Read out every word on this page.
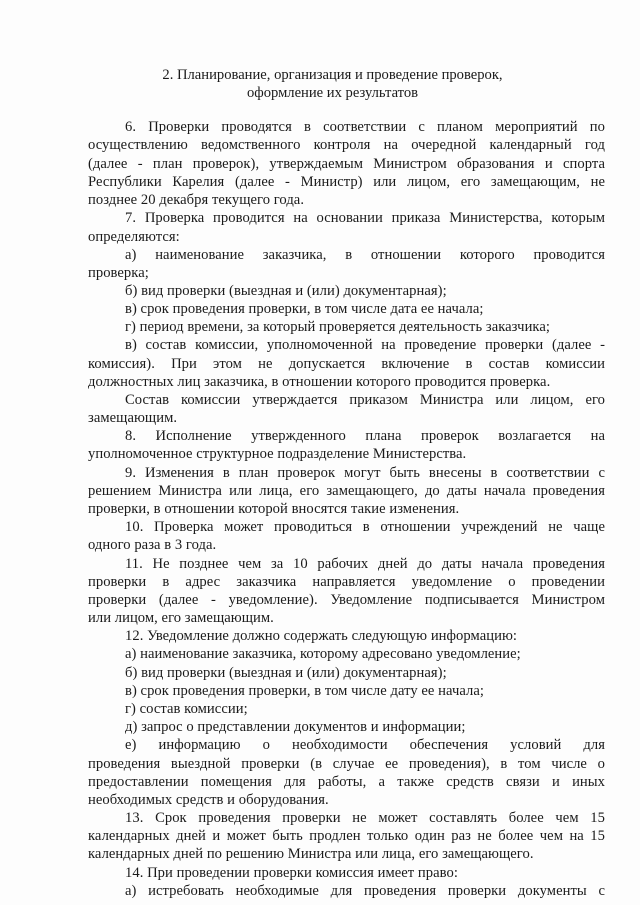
2. Планирование, организация и проведение проверок,
оформление их результатов
6. Проверки проводятся в соответствии с планом мероприятий по
осуществлению ведомственного контроля на очередной календарный год
(далее - план проверок), утверждаемым Министром образования и спорта
Республики Карелия (далее - Министр) или лицом, его замещающим, не
позднее 20 декабря текущего года.
7. Проверка проводится на основании приказа Министерства, которым
определяются:
а) наименование заказчика, в отношении которого проводится
проверка;
б) вид проверки (выездная и (или) документарная);
в) срок проведения проверки, в том числе дата ее начала;
г) период времени, за который проверяется деятельность заказчика;
в) состав комиссии, уполномоченной на проведение проверки (далее -
комиссия). При этом не допускается включение в состав комиссии
должностных лиц заказчика, в отношении которого проводится проверка.
Состав комиссии утверждается приказом Министра или лицом, его
замещающим.
8. Исполнение утвержденного плана проверок возлагается на
уполномоченное структурное подразделение Министерства.
9. Изменения в план проверок могут быть внесены в соответствии с
решением Министра или лица, его замещающего, до даты начала проведения
проверки, в отношении которой вносятся такие изменения.
10. Проверка может проводиться в отношении учреждений не чаще
одного раза в 3 года.
11. Не позднее чем за 10 рабочих дней до даты начала проведения
проверки в адрес заказчика направляется уведомление о проведении
проверки (далее - уведомление). Уведомление подписывается Министром
или лицом, его замещающим.
12. Уведомление должно содержать следующую информацию:
а) наименование заказчика, которому адресовано уведомление;
б) вид проверки (выездная и (или) документарная);
в) срок проведения проверки, в том числе дату ее начала;
г) состав комиссии;
д) запрос о представлении документов и информации;
е) информацию о необходимости обеспечения условий для
проведения выездной проверки (в случае ее проведения), в том числе о
предоставлении помещения для работы, а также средств связи и иных
необходимых средств и оборудования.
13. Срок проведения проверки не может составлять более чем 15
календарных дней и может быть продлен только один раз не более чем на 15
календарных дней по решению Министра или лица, его замещающего.
14. При проведении проверки комиссия имеет право:
а) истребовать необходимые для проведения проверки документы с
